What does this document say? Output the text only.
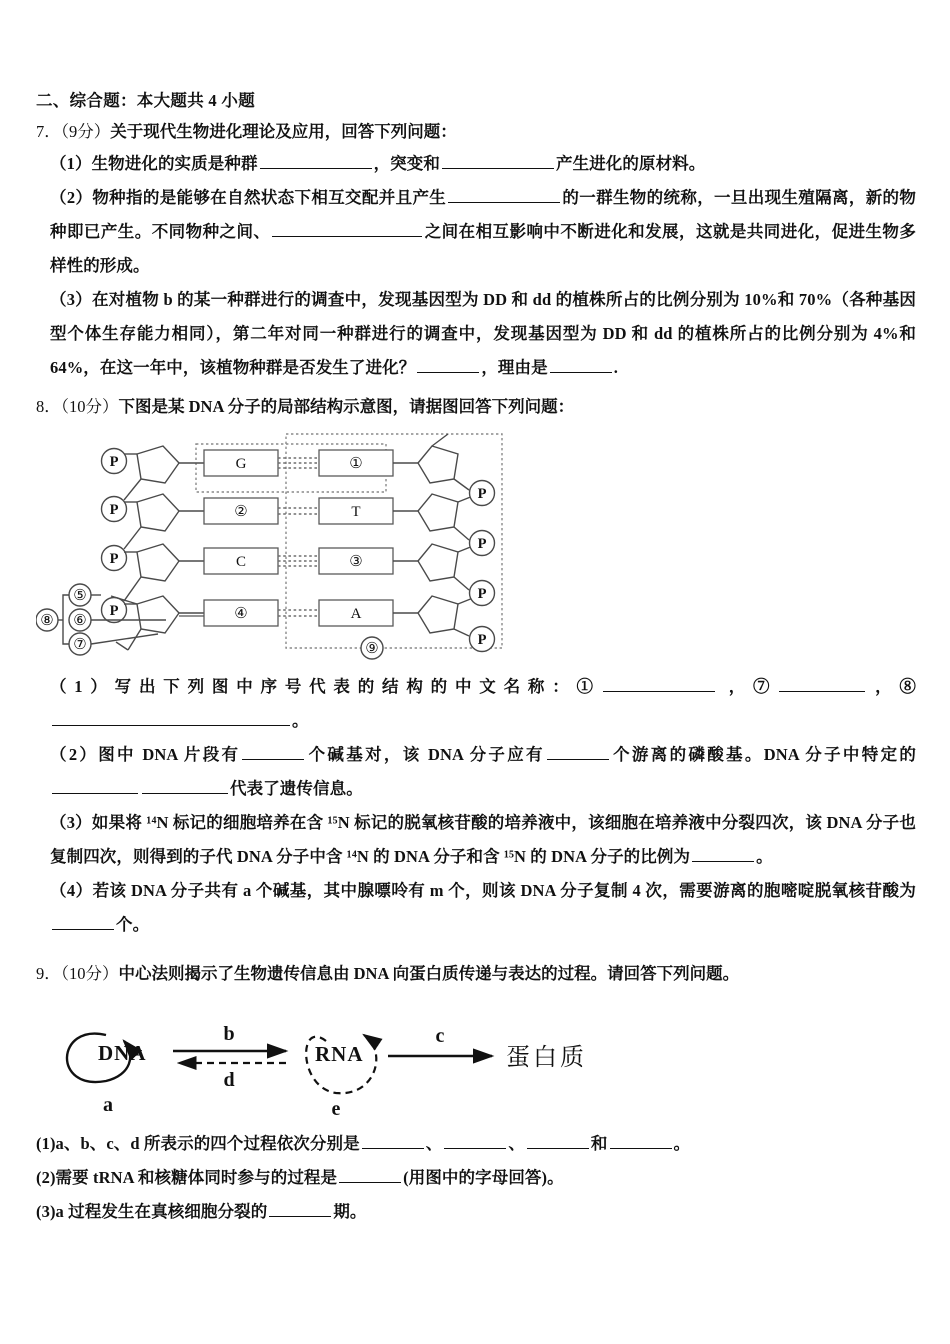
二、综合题：本大题共 4 小题
7．（9分）关于现代生物进化理论及应用，回答下列问题：
（1）生物进化的实质是种群	，突变和	产生进化的原材料。
（2）物种指的是能够在自然状态下相互交配并且产生	的一群生物的统称，一旦出现生殖隔离，新的物种即已产生。不同物种之间、	之间在相互影响中不断进化和发展，这就是共同进化，促进生物多样性的形成。
（3）在对植物 b 的某一种群进行的调查中，发现基因型为 DD 和 dd 的植株所占的比例分别为 10%和 70%（各种基因型个体生存能力相同），第二年对同一种群进行的调查中，发现基因型为 DD 和 dd 的植株所占的比例分别为 4%和 64%，在这一年中，该植物种群是否发生了进化？	，理由是	.
8．（10分）下图是某 DNA 分子的局部结构示意图，请据图回答下列问题：
P
P
P
P
G
②
C
④
①
T
③
A
P
P
P
P
⑧
⑤
⑥
⑦	⑨
（1）写出下列图中序号代表的结构的中文名称：①	，⑦	，⑧。
（2）图中 DNA 片段有	个碱基对，该 DNA 分子应有	个游离的磷酸基。DNA 分子中特定的代表了遗传信息。
（3）如果将 ¹⁴N 标记的细胞培养在含 ¹⁵N 标记的脱氧核苷酸的培养液中，该细胞在培养液中分裂四次，该 DNA 分子也复制四次，则得到的子代 DNA 分子中含 ¹⁴N 的 DNA 分子和含 ¹⁵N 的 DNA 分子的比例为	。
（4）若该 DNA 分子共有 a 个碱基，其中腺嘌呤有 m 个，则该 DNA 分子复制 4 次，需要游离的胞嘧啶脱氧核苷酸为个。
9．（10分）中心法则揭示了生物遗传信息由 DNA 向蛋白质传递与表达的过程。请回答下列问题。
a
DNA
b
d
e
RNA
c
蛋白质
(1)a、b、c、d 所表示的四个过程依次分别是	、	、	和	。
(2)需要 tRNA 和核糖体同时参与的过程是	(用图中的字母回答)。
(3)a 过程发生在真核细胞分裂的	期。
